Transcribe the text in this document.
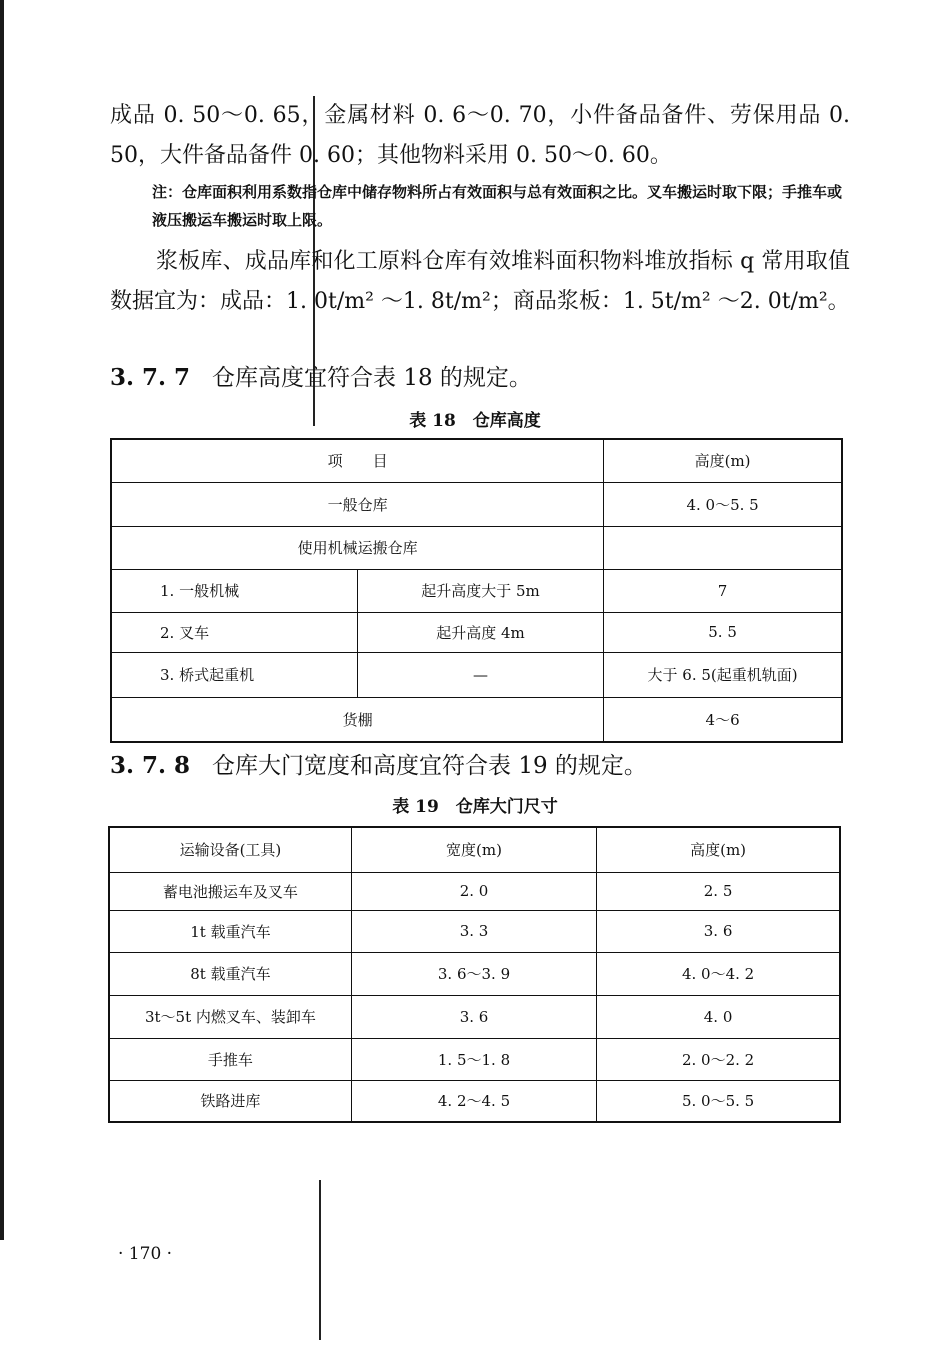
成品 0. 50～0. 65，金属材料 0. 6～0. 70，小件备品备件、劳保用品 0. 50，大件备品备件 0. 60；其他物料采用 0. 50～0. 60。

注：仓库面积利用系数指仓库中储存物料所占有效面积与总有效面积之比。叉车搬运时取下限；手推车或液压搬运车搬运时取上限。

浆板库、成品库和化工原料仓库有效堆料面积物料堆放指标 q 常用取值数据宜为：成品：1. 0t/m² ～1. 8t/m²；商品浆板：1. 5t/m² ～2. 0t/m²。

3. 7. 7 仓库高度宜符合表 18 的规定。

表 18　仓库高度

项　　目		高度(m)
一般仓库		4. 0～5. 5
使用机械运搬仓库		
1. 一般机械	起升高度大于 5m	7
2. 叉车	起升高度 4m	5. 5
3. 桥式起重机	—	大于 6. 5(起重机轨面)
货棚		4～6

3. 7. 8 仓库大门宽度和高度宜符合表 19 的规定。

表 19　仓库大门尺寸

运输设备(工具)	宽度(m)	高度(m)
蓄电池搬运车及叉车	2. 0	2. 5
1t 载重汽车	3. 3	3. 6
8t 载重汽车	3. 6～3. 9	4. 0～4. 2
3t～5t 内燃叉车、装卸车	3. 6	4. 0
手推车	1. 5～1. 8	2. 0～2. 2
铁路进库	4. 2～4. 5	5. 0～5. 5
· 170 ·
